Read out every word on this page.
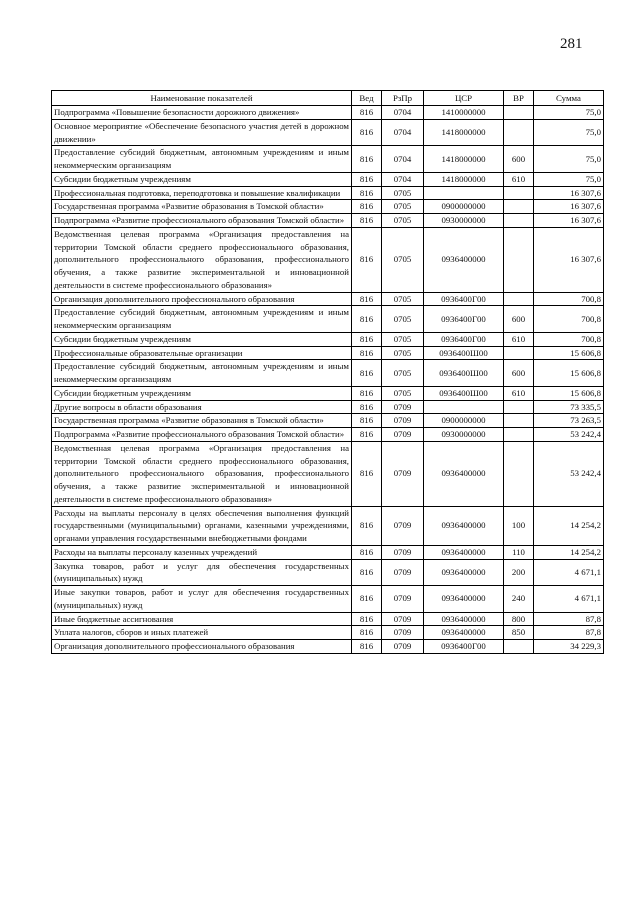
281
Наименование показателей	Вед	РзПр	ЦСР	ВР	Сумма
Подпрограмма «Повышение безопасности дорожного движения»	816	0704	1410000000		75,0
Основное мероприятие «Обеспечение безопасного участия детей в дорожном движении»	816	0704	1418000000		75,0
Предоставление субсидий бюджетным, автономным учреждениям и иным некоммерческим организациям	816	0704	1418000000	600	75,0
Субсидии бюджетным учреждениям	816	0704	1418000000	610	75,0
Профессиональная подготовка, переподготовка и повышение квалификации	816	0705			16 307,6
Государственная программа «Развитие образования в Томской области»	816	0705	0900000000		16 307,6
Подпрограмма «Развитие профессионального образования Томской области»	816	0705	0930000000		16 307,6
Ведомственная целевая программа «Организация предоставления на территории Томской области среднего профессионального образования, дополнительного профессионального образования, профессионального обучения, а также развитие экспериментальной и инновационной деятельности в системе профессионального образования»	816	0705	0936400000		16 307,6
Организация дополнительного профессионального образования	816	0705	0936400Г00		700,8
Предоставление субсидий бюджетным, автономным учреждениям и иным некоммерческим организациям	816	0705	0936400Г00	600	700,8
Субсидии бюджетным учреждениям	816	0705	0936400Г00	610	700,8
Профессиональные образовательные организации	816	0705	0936400Ш00		15 606,8
Предоставление субсидий бюджетным, автономным учреждениям и иным некоммерческим организациям	816	0705	0936400Ш00	600	15 606,8
Субсидии бюджетным учреждениям	816	0705	0936400Ш00	610	15 606,8
Другие вопросы в области образования	816	0709			73 335,5
Государственная программа «Развитие образования в Томской области»	816	0709	0900000000		73 263,5
Подпрограмма «Развитие профессионального образования Томской области»	816	0709	0930000000		53 242,4
Ведомственная целевая программа «Организация предоставления на территории Томской области среднего профессионального образования, дополнительного профессионального образования, профессионального обучения, а также развитие экспериментальной и инновационной деятельности в системе профессионального образования»	816	0709	0936400000		53 242,4
Расходы на выплаты персоналу в целях обеспечения выполнения функций государственными (муниципальными) органами, казенными учреждениями, органами управления государственными внебюджетными фондами	816	0709	0936400000	100	14 254,2
Расходы на выплаты персоналу казенных учреждений	816	0709	0936400000	110	14 254,2
Закупка товаров, работ и услуг для обеспечения государственных (муниципальных) нужд	816	0709	0936400000	200	4 671,1
Иные закупки товаров, работ и услуг для обеспечения государственных (муниципальных) нужд	816	0709	0936400000	240	4 671,1
Иные бюджетные ассигнования	816	0709	0936400000	800	87,8
Уплата налогов, сборов и иных платежей	816	0709	0936400000	850	87,8
Организация дополнительного профессионального образования	816	0709	0936400Г00		34 229,3
